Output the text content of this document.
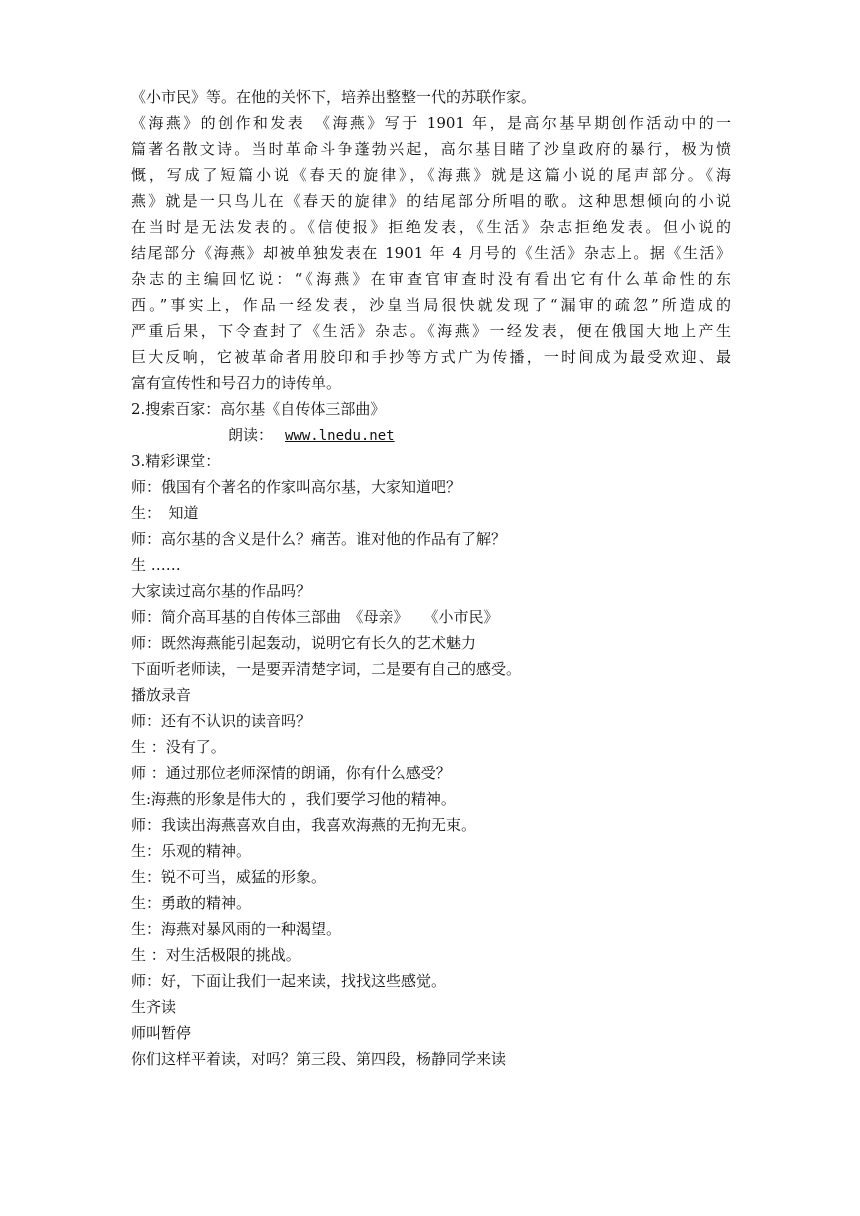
《小市民》等。在他的关怀下，培养出整整一代的苏联作家。
《海燕》的创作和发表　《海燕》写于 1901 年，是高尔基早期创作活动中的一
篇著名散文诗。当时革命斗争蓬勃兴起，高尔基目睹了沙皇政府的暴行，极为愤
慨，写成了短篇小说《春天的旋律》，《海燕》就是这篇小说的尾声部分。《海
燕》就是一只鸟儿在《春天的旋律》的结尾部分所唱的歌。这种思想倾向的小说
在当时是无法发表的。《信使报》拒绝发表，《生活》杂志拒绝发表。但小说的
结尾部分《海燕》却被单独发表在 1901 年 4 月号的《生活》杂志上。据《生活》
杂志的主编回忆说：“《海燕》在审查官审查时没有看出它有什么革命性的东
西。”事实上，作品一经发表，沙皇当局很快就发现了“漏审的疏忽”所造成的
严重后果，下令查封了《生活》杂志。《海燕》一经发表，便在俄国大地上产生
巨大反响，它被革命者用胶印和手抄等方式广为传播，一时间成为最受欢迎、最
富有宣传性和号召力的诗传单。
2.搜索百家：高尔基《自传体三部曲》
朗读： www.lnedu.net
3.精彩课堂：
师：俄国有个著名的作家叫高尔基，大家知道吧？
生：　知道
师：高尔基的含义是什么？痛苦。谁对他的作品有了解？
生 ……
大家读过高尔基的作品吗？
师：简介高耳基的自传体三部曲　《母亲》　　《小市民》
师：既然海燕能引起轰动，说明它有长久的艺术魅力
下面听老师读，一是要弄清楚字词，二是要有自己的感受。
播放录音
师：还有不认识的读音吗？
生 ：没有了。
师 ：通过那位老师深情的朗诵，你有什么感受？
生:海燕的形象是伟大的 ，我们要学习他的精神。
师：我读出海燕喜欢自由，我喜欢海燕的无拘无束。
生：乐观的精神。
生：锐不可当，威猛的形象。
生：勇敢的精神。
生：海燕对暴风雨的一种渴望。
生 ：对生活极限的挑战。
师：好，下面让我们一起来读，找找这些感觉。
生齐读
师叫暂停
你们这样平着读，对吗？第三段、第四段，杨静同学来读
